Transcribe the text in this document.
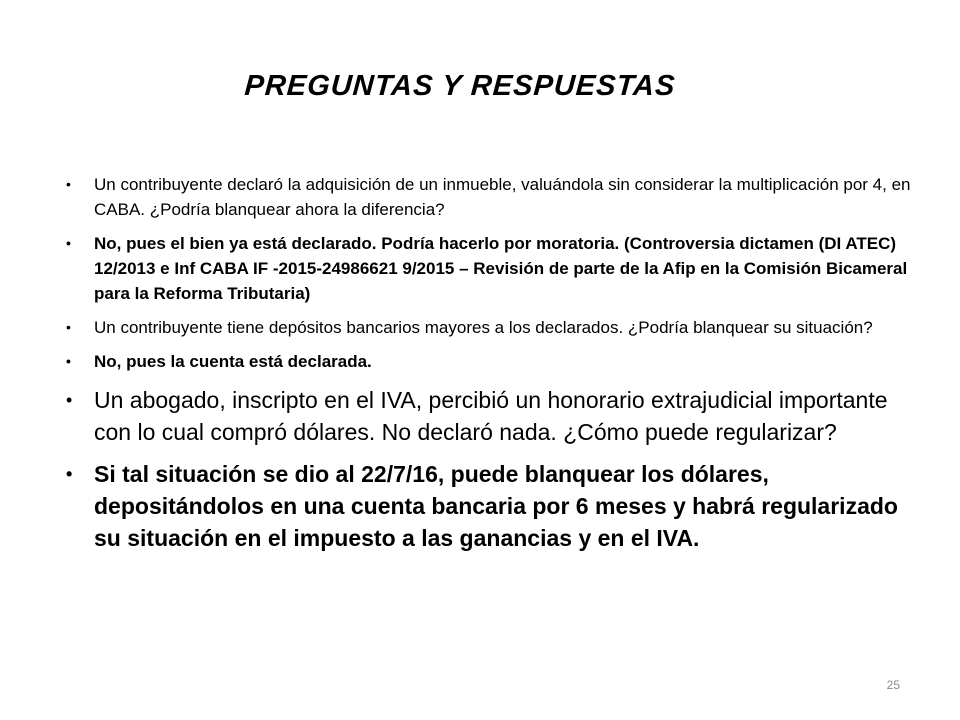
PREGUNTAS Y RESPUESTAS
• Un contribuyente declaró la adquisición de un inmueble, valuándola sin considerar la multiplicación por 4, en CABA. ¿Podría blanquear ahora la diferencia?
• No, pues el bien ya está declarado. Podría hacerlo por moratoria. (Controversia dictamen (DI ATEC) 12/2013 e Inf CABA IF -2015-24986621 9/2015 – Revisión de parte de la Afip en la Comisión Bicameral para la Reforma Tributaria)
• Un contribuyente tiene depósitos bancarios mayores a los declarados. ¿Podría blanquear su situación?
• No, pues la cuenta está declarada.
• Un abogado, inscripto en el IVA, percibió un honorario extrajudicial importante con lo cual compró dólares. No declaró nada. ¿Cómo puede regularizar?
• Si tal situación se dio al 22/7/16, puede blanquear los dólares, depositándolos en una cuenta bancaria por 6 meses y habrá regularizado su situación en el impuesto a las ganancias y en el IVA.
25
